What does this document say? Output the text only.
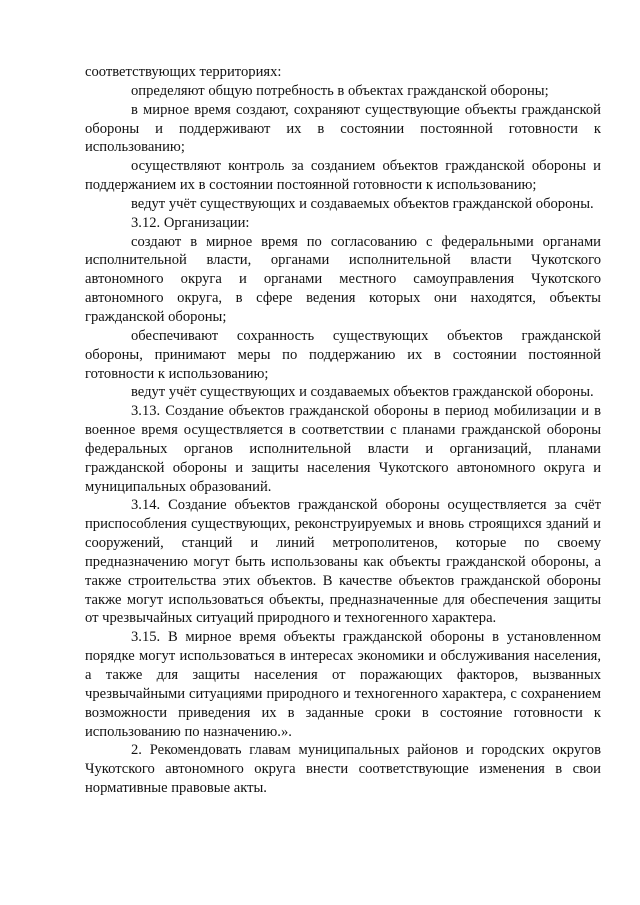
соответствующих территориях:

определяют общую потребность в объектах гражданской обороны;

в мирное время создают, сохраняют существующие объекты гражданской обороны и поддерживают их в состоянии постоянной готовности к использованию;

осуществляют контроль за созданием объектов гражданской обороны и поддержанием их в состоянии постоянной готовности к использованию;

ведут учёт существующих и создаваемых объектов гражданской обороны.

3.12. Организации:

создают в мирное время по согласованию с федеральными органами исполнительной власти, органами исполнительной власти Чукотского автономного округа и органами местного самоуправления Чукотского автономного округа, в сфере ведения которых они находятся, объекты гражданской обороны;

обеспечивают сохранность существующих объектов гражданской обороны, принимают меры по поддержанию их в состоянии постоянной готовности к использованию;

ведут учёт существующих и создаваемых объектов гражданской обороны.

3.13. Создание объектов гражданской обороны в период мобилизации и в военное время осуществляется в соответствии с планами гражданской обороны федеральных органов исполнительной власти и организаций, планами гражданской обороны и защиты населения Чукотского автономного округа и муниципальных образований.

3.14. Создание объектов гражданской обороны осуществляется за счёт приспособления существующих, реконструируемых и вновь строящихся зданий и сооружений, станций и линий метрополитенов, которые по своему предназначению могут быть использованы как объекты гражданской обороны, а также строительства этих объектов. В качестве объектов гражданской обороны также могут использоваться объекты, предназначенные для обеспечения защиты от чрезвычайных ситуаций природного и техногенного характера.

3.15. В мирное время объекты гражданской обороны в установленном порядке могут использоваться в интересах экономики и обслуживания населения, а также для защиты населения от поражающих факторов, вызванных чрезвычайными ситуациями природного и техногенного характера, с сохранением возможности приведения их в заданные сроки в состояние готовности к использованию по назначению.».

2. Рекомендовать главам муниципальных районов и городских округов Чукотского автономного округа внести соответствующие изменения в свои нормативные правовые акты.
